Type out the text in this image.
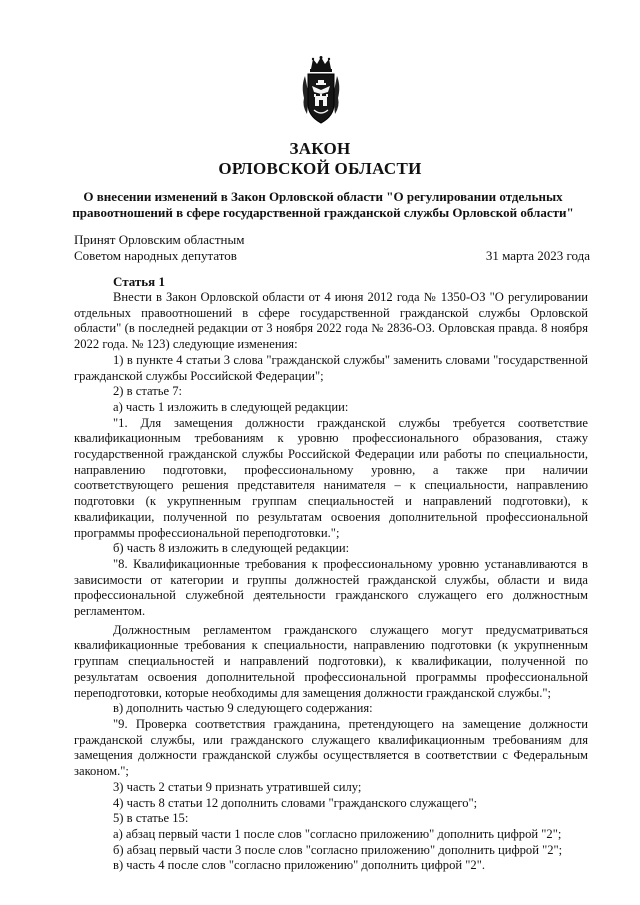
ЗАКОН
ОРЛОВСКОЙ ОБЛАСТИ
О внесении изменений в Закон Орловской области "О регулировании отдельных правоотношений в сфере государственной гражданской службы Орловской области"
Принят Орловским областным
Советом народных депутатов	31 марта 2023 года
Статья 1

Внести в Закон Орловской области от 4 июня 2012 года № 1350-ОЗ "О регулировании отдельных правоотношений в сфере государственной гражданской службы Орловской области" (в последней редакции от 3 ноября 2022 года № 2836-ОЗ. Орловская правда. 8 ноября 2022 года. № 123) следующие изменения:

1) в пункте 4 статьи 3 слова "гражданской службы" заменить словами "государственной гражданской службы Российской Федерации";

2) в статье 7:

а) часть 1 изложить в следующей редакции:

"1. Для замещения должности гражданской службы требуется соответствие квалификационным требованиям к уровню профессионального образования, стажу государственной гражданской службы Российской Федерации или работы по специальности, направлению подготовки, профессиональному уровню, а также при наличии соответствующего решения представителя нанимателя – к специальности, направлению подготовки (к укрупненным группам специальностей и направлений подготовки), к квалификации, полученной по результатам освоения дополнительной профессиональной программы профессиональной переподготовки.";

б) часть 8 изложить в следующей редакции:

"8. Квалификационные требования к профессиональному уровню устанавливаются в зависимости от категории и группы должностей гражданской службы, области и вида профессиональной служебной деятельности гражданского служащего его должностным регламентом.

Должностным регламентом гражданского служащего могут предусматриваться квалификационные требования к специальности, направлению подготовки (к укрупненным группам специальностей и направлений подготовки), к квалификации, полученной по результатам освоения дополнительной профессиональной программы профессиональной переподготовки, которые необходимы для замещения должности гражданской службы.";

в) дополнить частью 9 следующего содержания:

"9. Проверка соответствия гражданина, претендующего на замещение должности гражданской службы, или гражданского служащего квалификационным требованиям для замещения должности гражданской службы осуществляется в соответствии с Федеральным законом.";

3) часть 2 статьи 9 признать утратившей силу;

4) часть 8 статьи 12 дополнить словами "гражданского служащего";

5) в статье 15:

а) абзац первый части 1 после слов "согласно приложению" дополнить цифрой "2";

б) абзац первый части 3 после слов "согласно приложению" дополнить цифрой "2";

в) часть 4 после слов "согласно приложению" дополнить цифрой "2".
